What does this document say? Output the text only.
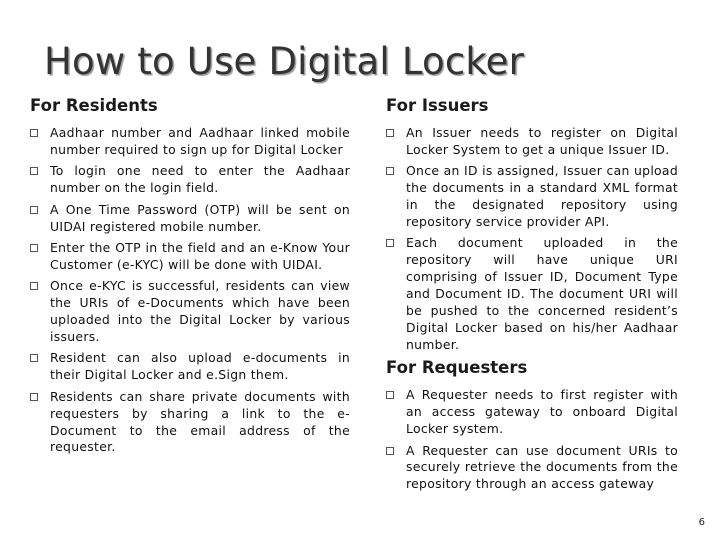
How to Use Digital Locker
For Residents
Aadhaar number and Aadhaar linked mobile number required to sign up for Digital Locker
To login one need to enter the Aadhaar number on the login field.
A One Time Password (OTP) will be sent on UIDAI registered mobile number.
Enter the OTP in the field and an e-Know Your Customer (e-KYC) will be done with UIDAI.
Once e-KYC is successful, residents can view the URIs of e-Documents which have been uploaded into the Digital Locker by various issuers.
Resident can also upload e-documents in their Digital Locker and e.Sign them.
Residents can share private documents with requesters by sharing a link to the e-Document to the email address of the requester.
For Issuers
An Issuer needs to register on Digital Locker System to get a unique Issuer ID.
Once an ID is assigned, Issuer can upload the documents in a standard XML format in the designated repository using repository service provider API.
Each document uploaded in the repository will have unique URI comprising of Issuer ID, Document Type and Document ID. The document URI will be pushed to the concerned resident’s Digital Locker based on his/her Aadhaar number.
For Requesters
A Requester needs to first register with an access gateway to onboard Digital Locker system.
A Requester can use document URIs to securely retrieve the documents from the repository through an access gateway
6
